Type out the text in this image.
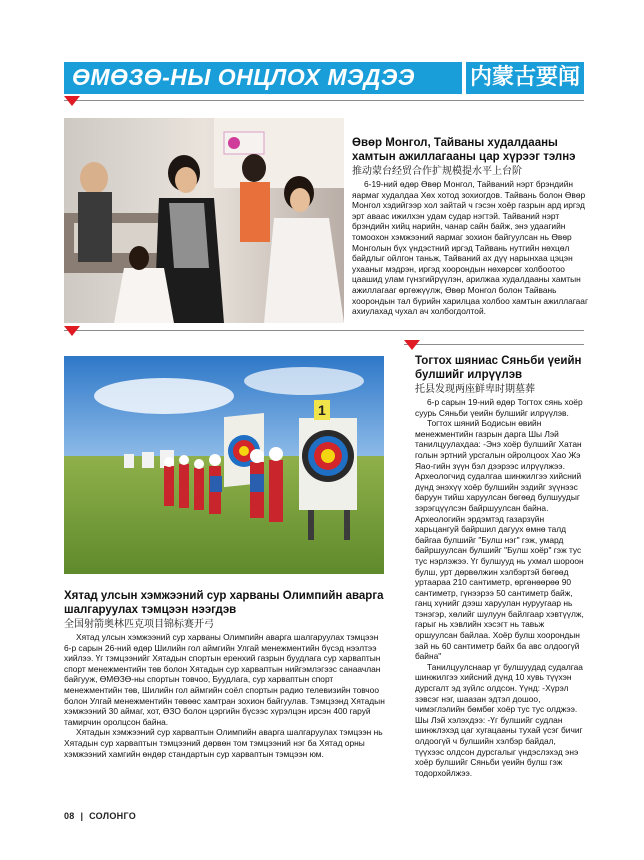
ӨМӨЗӨ-НЫ ОНЦЛОХ МЭДЭЭ	内蒙古要闻
Өвөр Монгол, Тайваны худалдааны хамтын ажиллагааны цар хүрээг тэлнэ
推动蒙台经贸合作扩规模提水平上台阶

6-19-ний өдөр Өвөр Монгол, Тайваний нэрт брэндийн яармаг худалдаа Хөх хотод зохиогдов. Тайвань болон Өвөр Монгол хэдийгээр хол зайтай ч гэсэн хоёр газрын ард иргэд эрт аваас ижилхэн удам судар нэгтэй. Тайваний нэрт брэндийн хийц нарийн, чанар сайн байж, энэ удаагийн томоохон хэмжээний яармаг зохион байгуулсан нь Өвөр Монголын бүх үндэстний иргэд Тайвань нутгийн нөхцөл байдлыг ойлгон таньж, Тайваний ах дүү нарынхаа цэцэн ухааныг мэдрэн, иргэд хоорондын нөхөрсөг холбоотоо цаашид улам гүнзгийрүүлэн, арилжаа худалдааны хамтын ажиллагааг өргөжүүлж, Өвөр Монгол болон Тайвань хоорондын тал бүрийн харилцаа холбоо хамтын ажиллагааг ахиулахад чухал ач холбогдолтой.

1
Хятад улсын хэмжээний сур харваны Олимпийн аварга шалгаруулах тэмцээн нээгдэв
全国射箭奥林匹克项目锦标赛开弓

Хятад улсын хэмжээний сур харваны Олимпийн аварга шалгаруулах тэмцээн 6-р сарын 26-ний өдөр Шилийн гол аймгийн Улгай менежментийн бүсэд нээлтээ хийлээ. Үг тэмцээнийг Хятадын спортын еренхий газрын буудлага сур харваптын спорт менежментийн төв болон Хятадын сур харваптын нийгэмлэгээс санаачлан байгууж, ӨМӨЗӨ-ны спортын товчоо, Буудлага, сур харваптын спорт менежментийн төв, Шилийн гол аймгийн соёл спортын радио телевизийн товчоо болон Улгай менежментийн төвөөс хамтран зохион байгуулав. Тэмцээнд Хятадын хэмжээний 30 аймаг, хот, ӨЗО болон цэргийн бүсээс хүрэлцэн ирсэн 400 гаруй тамирчин оролцсон байна.

Хятадын хэмжээний сур харваптын Олимпийн аварга шалгаруулах тэмцээн нь Хятадын сур харваптын тэмцээний дөрвөн том тэмцээний нэг ба Хятад орны хэмжээний хамгийн өндөр стандартын сур харваптын тэмцээн юм.

Тогтох шяниас Сяньби үеийн булшийг илрүүлэв
托县发现两座鲜卑时期墓葬

6-р сарын 19-ний өдөр Тогтох сянь хоёр суурь Сяньби үеийн булшийг илрүүлэв.

Тогтох шяний Бодисын өвийн менежментийн газрын дарга Шы Лэй танилцуулахдаа: -Энэ хоёр булшийг Хатан голын эртний урсгалын ойролцоох Хао Жэ Яао-гийн зүүн бэл дээрээс илрүүлжээ. Археологчид судалгаа шинжилгээ хийсний дүнд энэхүү хоёр булшийн эздийг зүүнээс баруун тийш харуулсан бөгөөд булшуудыг зэрэгцүүлсэн байршуулсан байна. Археологийн эрдэмтэд газарзүйн харьцангуй байршил дагуух өмнө талд байгаа булшийг "Булш нэг" гэж, умард байршуулсан булшийг "Булш хоёр" гэж тус тус нэрлэжээ. Үг булшууд нь ухмал шороон булш, урт дөрвөлжин хэлбэртэй бөгөөд уртаараа 210 сантиметр, өргөнөөрөө 90 сантиметр, гүнээрээ 50 сантиметр байж, ганц хүнийг дээш харуулан нуруугаар нь тэнэгэр, хөлийг шулуун байлгаар хэвтүүлж, гарыг нь хэвлийн хэсэгт нь тавьж оршуулсан байлаа. Хоёр булш хоорондын зай нь 60 сантиметр байх ба авс олдоогүй байна"

Танилцуулснаар үг булшуудад судалгаа шинжилгээ хийсний дүнд 10 хувь түүхэн дурсгалт эд зүйлс олдсон. Үүнд: -Хүрэл зэвсэг нэг, шаазан эдтэл дошоо, чимэглэлийн бөмбөг хоёр тус тус олджээ. Шы Лэй хэлэхдээ: -Үг булшийг судлан шинжлэхэд цаг хугацааны тухай үсэг бичиг олдоогүй ч булшийн хэлбэр байдал, түүхээс олдсон дурсгалыг үндэслэхэд энэ хоёр булшийг Сяньби үеийн булш гэж тодорхойлжээ.

08 | СОЛОНГО
